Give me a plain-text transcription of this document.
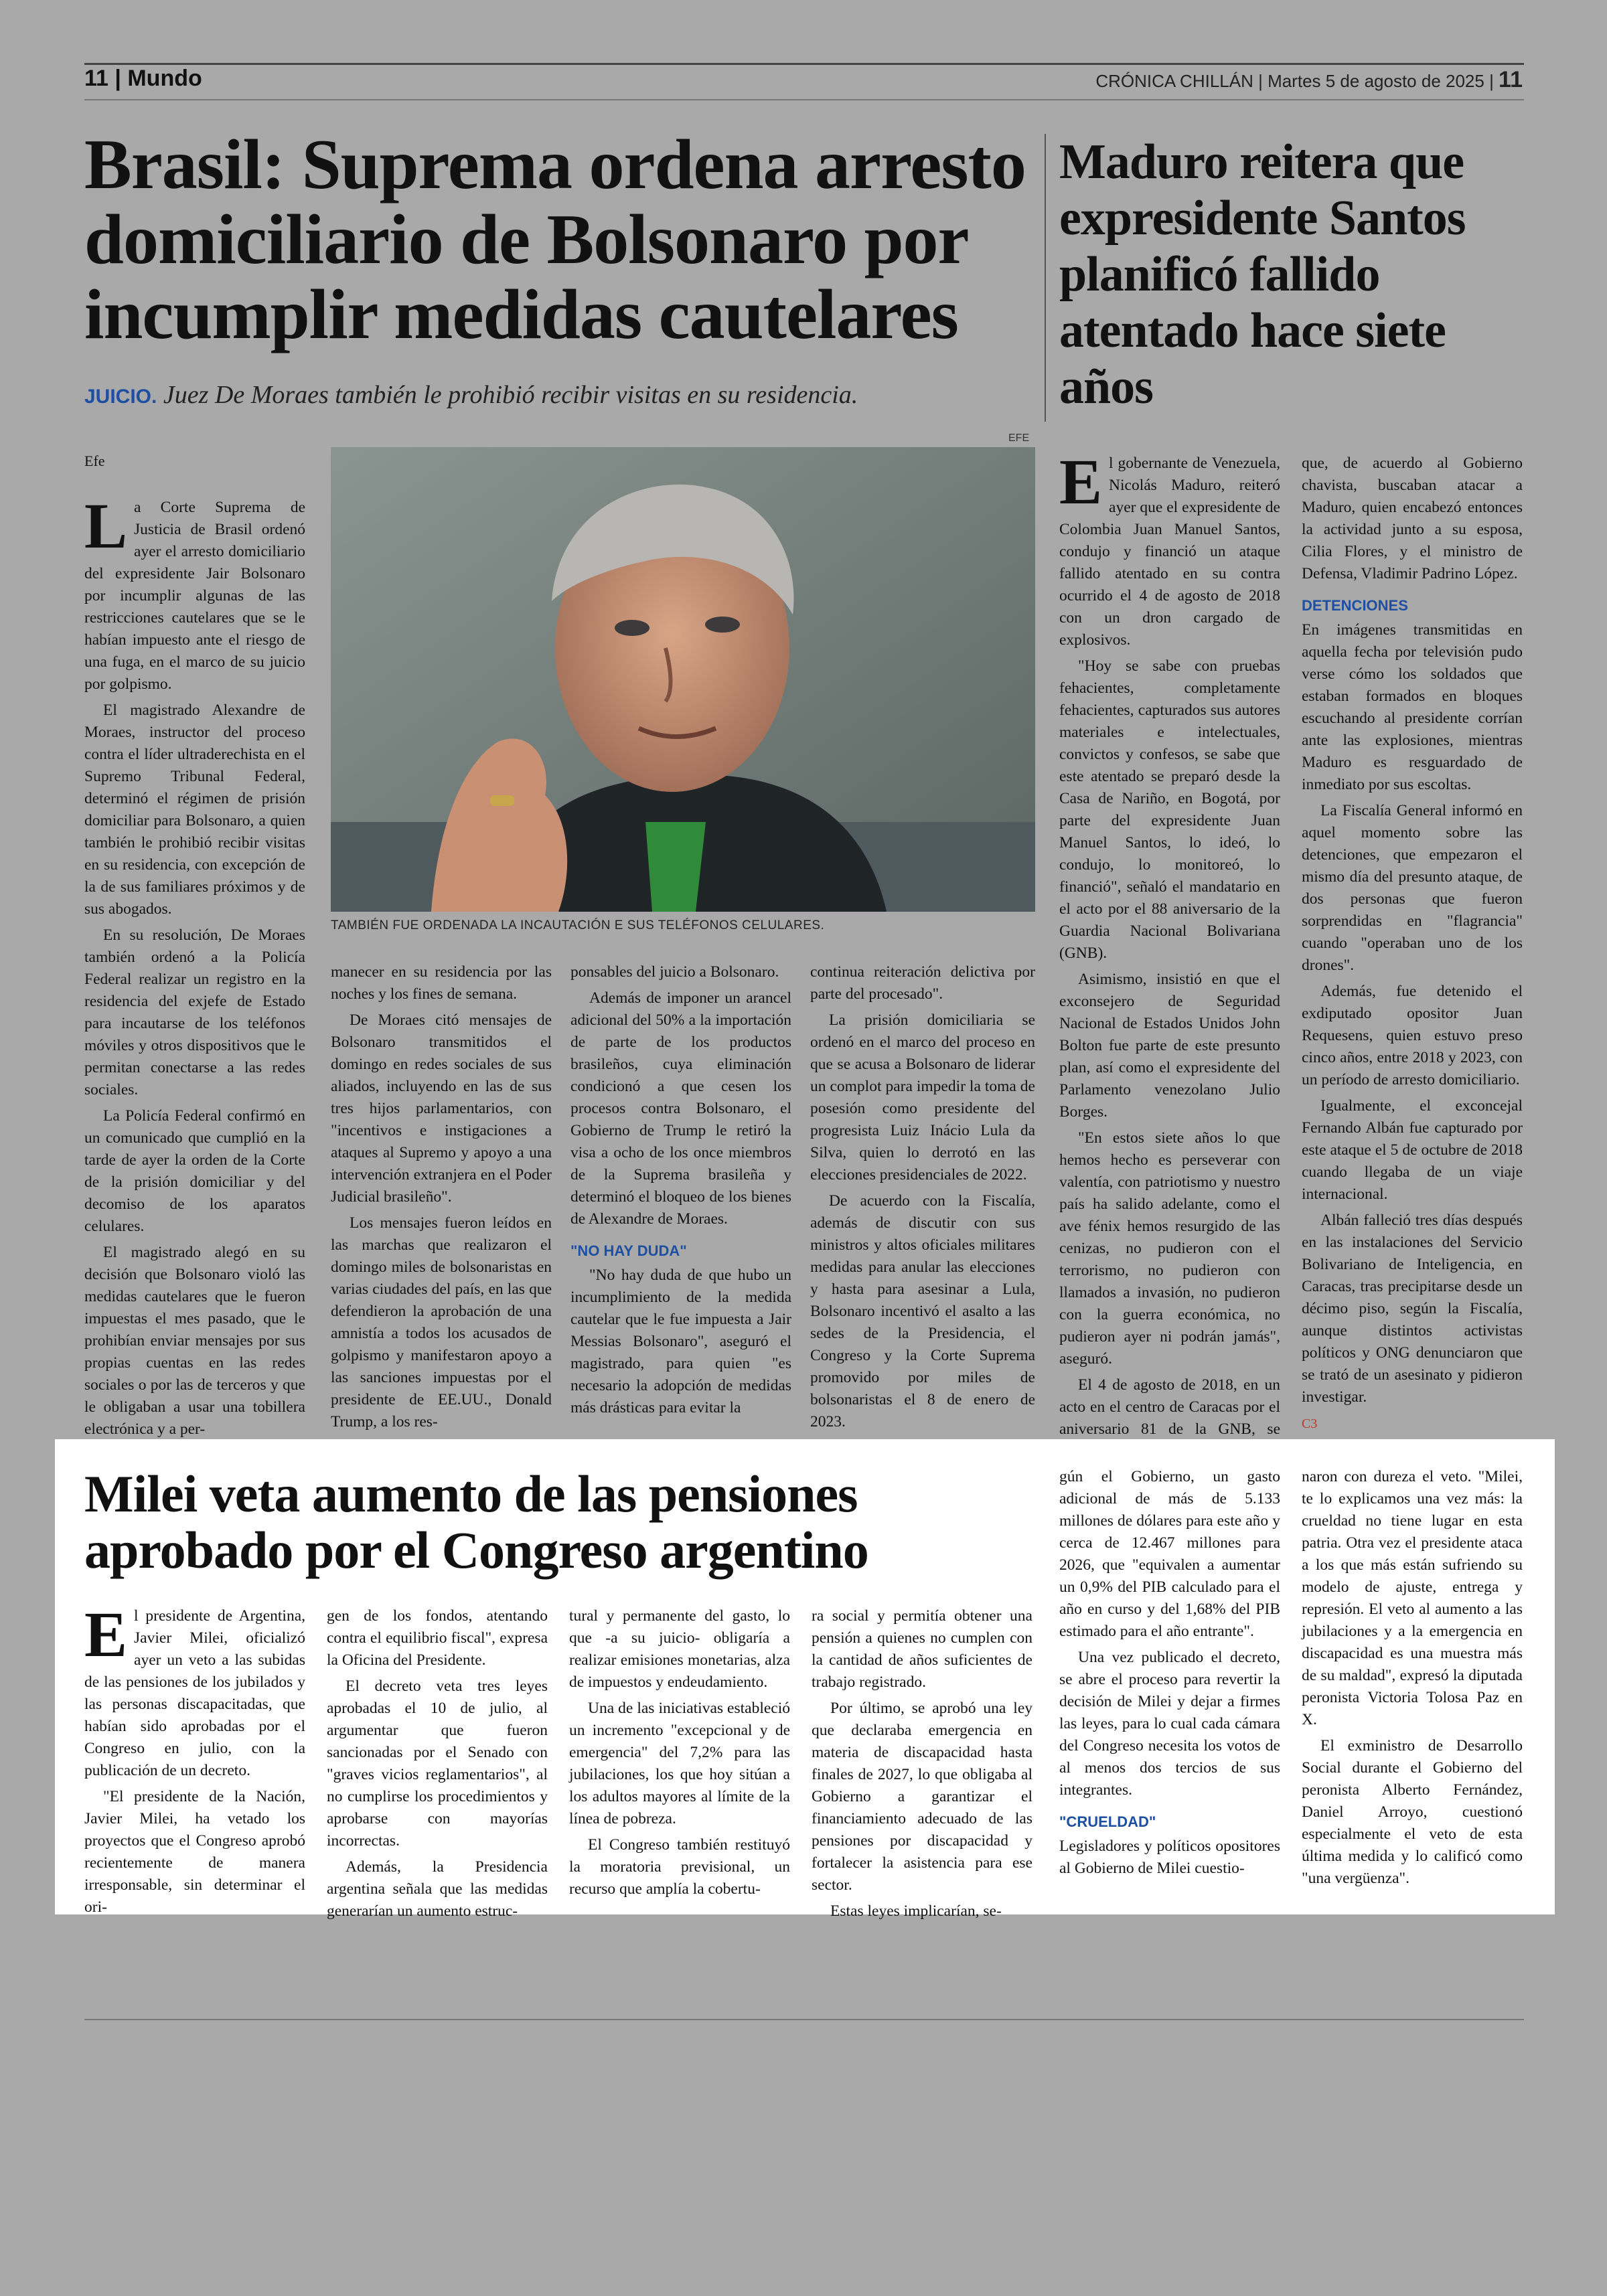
11 | Mundo	CRÓNICA CHILLÁN | Martes 5 de agosto de 2025 | 11
Brasil: Suprema ordena arresto domiciliario de Bolsonaro por incumplir medidas cautelares
JUICIO. Juez De Moraes también le prohibió recibir visitas en su residencia.
Maduro reitera que expresidente Santos planificó fallido atentado hace siete años
Efe
EFE
TAMBIÉN FUE ORDENADA LA INCAUTACIÓN E SUS TELÉFONOS CELULARES.

La Corte Suprema de Justicia de Brasil ordenó ayer el arresto domiciliario del expresidente Jair Bolsonaro por incumplir algunas de las restricciones cautelares que se le habían impuesto ante el riesgo de una fuga, en el marco de su juicio por golpismo.

El magistrado Alexandre de Moraes, instructor del proceso contra el líder ultraderechista en el Supremo Tribunal Federal, determinó el régimen de prisión domiciliar para Bolsonaro, a quien también le prohibió recibir visitas en su residencia, con excepción de la de sus familiares próximos y de sus abogados.

En su resolución, De Moraes también ordenó a la Policía Federal realizar un registro en la residencia del exjefe de Estado para incautarse de los teléfonos móviles y otros dispositivos que le permitan conectarse a las redes sociales.

La Policía Federal confirmó en un comunicado que cumplió en la tarde de ayer la orden de la Corte de la prisión domiciliar y del decomiso de los aparatos celulares.

El magistrado alegó en su decisión que Bolsonaro violó las medidas cautelares que le fueron impuestas el mes pasado, que le prohibían enviar mensajes por sus propias cuentas en las redes sociales o por las de terceros y que le obligaban a usar una tobillera electrónica y a per-

manecer en su residencia por las noches y los fines de semana.

De Moraes citó mensajes de Bolsonaro transmitidos el domingo en redes sociales de sus aliados, incluyendo en las de sus tres hijos parlamentarios, con "incentivos e instigaciones a ataques al Supremo y apoyo a una intervención extranjera en el Poder Judicial brasileño".

Los mensajes fueron leídos en las marchas que realizaron el domingo miles de bolsonaristas en varias ciudades del país, en las que defendieron la aprobación de una amnistía a todos los acusados de golpismo y manifestaron apoyo a las sanciones impuestas por el presidente de EE.UU., Donald Trump, a los res-

ponsables del juicio a Bolsonaro.

Además de imponer un arancel adicional del 50% a la importación de parte de los productos brasileños, cuya eliminación condicionó a que cesen los procesos contra Bolsonaro, el Gobierno de Trump le retiró la visa a ocho de los once miembros de la Suprema brasileña y determinó el bloqueo de los bienes de Alexandre de Moraes.

"NO HAY DUDA"

"No hay duda de que hubo un incumplimiento de la medida cautelar que le fue impuesta a Jair Messias Bolsonaro", aseguró el magistrado, para quien "es necesario la adopción de medidas más drásticas para evitar la

continua reiteración delictiva por parte del procesado".

La prisión domiciliaria se ordenó en el marco del proceso en que se acusa a Bolsonaro de liderar un complot para impedir la toma de posesión como presidente del progresista Luiz Inácio Lula da Silva, quien lo derrotó en las elecciones presidenciales de 2022.

De acuerdo con la Fiscalía, además de discutir con sus ministros y altos oficiales militares medidas para anular las elecciones y hasta para asesinar a Lula, Bolsonaro incentivó el asalto a las sedes de la Presidencia, el Congreso y la Corte Suprema promovido por miles de bolsonaristas el 8 de enero de 2023.

El gobernante de Venezuela, Nicolás Maduro, reiteró ayer que el expresidente de Colombia Juan Manuel Santos, condujo y financió un ataque fallido atentado en su contra ocurrido el 4 de agosto de 2018 con un dron cargado de explosivos.

"Hoy se sabe con pruebas fehacientes, completamente fehacientes, capturados sus autores materiales e intelectuales, convictos y confesos, se sabe que este atentado se preparó desde la Casa de Nariño, en Bogotá, por parte del expresidente Juan Manuel Santos, lo ideó, lo condujo, lo monitoreó, lo financió", señaló el mandatario en el acto por el 88 aniversario de la Guardia Nacional Bolivariana (GNB).

Asimismo, insistió en que el exconsejero de Seguridad Nacional de Estados Unidos John Bolton fue parte de este presunto plan, así como el expresidente del Parlamento venezolano Julio Borges.

"En estos siete años lo que hemos hecho es perseverar con valentía, con patriotismo y nuestro país ha salido adelante, como el ave fénix hemos resurgido de las cenizas, no pudieron con el terrorismo, no pudieron con llamados a invasión, no pudieron con la guerra económica, no pudieron ayer ni podrán jamás", aseguró.

El 4 de agosto de 2018, en un acto en el centro de Caracas por el aniversario 81 de la GNB, se

que, de acuerdo al Gobierno chavista, buscaban atacar a Maduro, quien encabezó entonces la actividad junto a su esposa, Cilia Flores, y el ministro de Defensa, Vladimir Padrino López.

DETENCIONES

En imágenes transmitidas en aquella fecha por televisión pudo verse cómo los soldados que estaban formados en bloques escuchando al presidente corrían ante las explosiones, mientras Maduro es resguardado de inmediato por sus escoltas.

La Fiscalía General informó en aquel momento sobre las detenciones, que empezaron el mismo día del presunto ataque, de dos personas que fueron sorprendidas en "flagrancia" cuando "operaban uno de los drones".

Además, fue detenido el exdiputado opositor Juan Requesens, quien estuvo preso cinco años, entre 2018 y 2023, con un período de arresto domiciliario.

Igualmente, el exconcejal Fernando Albán fue capturado por este ataque el 5 de octubre de 2018 cuando llegaba de un viaje internacional.

Albán falleció tres días después en las instalaciones del Servicio Bolivariano de Inteligencia, en Caracas, tras precipitarse desde un décimo piso, según la Fiscalía, aunque distintos activistas políticos y ONG denunciaron que se trató de un asesinato y pidieron investigar.

C3
Milei veta aumento de las pensiones aprobado por el Congreso argentino

El presidente de Argentina, Javier Milei, oficializó ayer un veto a las subidas de las pensiones de los jubilados y las personas discapacitadas, que habían sido aprobadas por el Congreso en julio, con la publicación de un decreto.

"El presidente de la Nación, Javier Milei, ha vetado los proyectos que el Congreso aprobó recientemente de manera irresponsable, sin determinar el ori-

gen de los fondos, atentando contra el equilibrio fiscal", expresa la Oficina del Presidente.

El decreto veta tres leyes aprobadas el 10 de julio, al argumentar que fueron sancionadas por el Senado con "graves vicios reglamentarios", al no cumplirse los procedimientos y aprobarse con mayorías incorrectas.

Además, la Presidencia argentina señala que las medidas generarían un aumento estruc-

tural y permanente del gasto, lo que -a su juicio- obligaría a realizar emisiones monetarias, alza de impuestos y endeudamiento.

Una de las iniciativas estableció un incremento "excepcional y de emergencia" del 7,2% para las jubilaciones, los que hoy sitúan a los adultos mayores al límite de la línea de pobreza.

El Congreso también restituyó la moratoria previsional, un recurso que amplía la cobertu-

ra social y permitía obtener una pensión a quienes no cumplen con la cantidad de años suficientes de trabajo registrado.

Por último, se aprobó una ley que declaraba emergencia en materia de discapacidad hasta finales de 2027, lo que obligaba al Gobierno a garantizar el financiamiento adecuado de las pensiones por discapacidad y fortalecer la asistencia para ese sector.

Estas leyes implicarían, se-

gún el Gobierno, un gasto adicional de más de 5.133 millones de dólares para este año y cerca de 12.467 millones para 2026, que "equivalen a aumentar un 0,9% del PIB calculado para el año en curso y del 1,68% del PIB estimado para el año entrante".

Una vez publicado el decreto, se abre el proceso para revertir la decisión de Milei y dejar a firmes las leyes, para lo cual cada cámara del Congreso necesita los votos de al menos dos tercios de sus integrantes.

"CRUELDAD"

Legisladores y políticos opositores al Gobierno de Milei cuestio-

naron con dureza el veto. "Milei, te lo explicamos una vez más: la crueldad no tiene lugar en esta patria. Otra vez el presidente ataca a los que más están sufriendo su modelo de ajuste, entrega y represión. El veto al aumento a las jubilaciones y a la emergencia en discapacidad es una muestra más de su maldad", expresó la diputada peronista Victoria Tolosa Paz en X.

El exministro de Desarrollo Social durante el Gobierno del peronista Alberto Fernández, Daniel Arroyo, cuestionó especialmente el veto de esta última medida y lo calificó como "una vergüenza".
